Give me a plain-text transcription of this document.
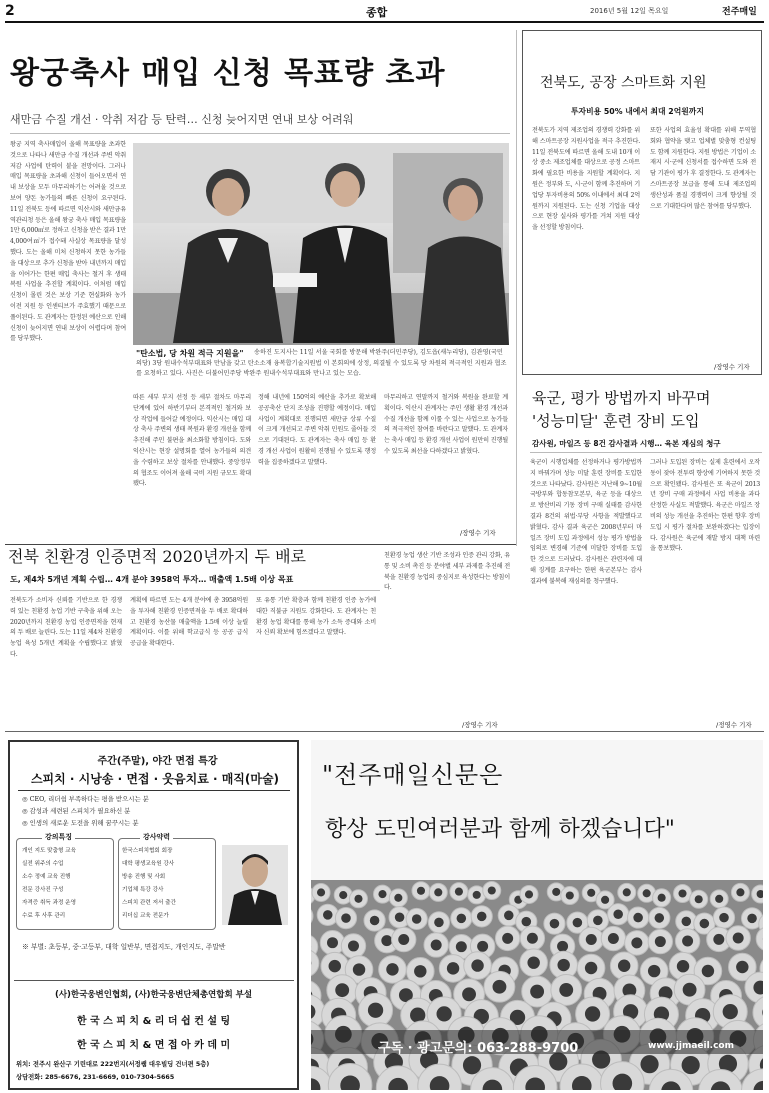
2	종합	2016년 5월 12일 목요일	전주매일
왕궁축사 매입 신청 목표량 초과
새만금 수질 개선 · 악취 저감 등 탄력… 신청 늦어지면 연내 보상 어려워
왕궁 지역 축사매입이 올해 목표량을 초과한 것으로 나타나 새만금 수질 개선과 주변 악취 저감 사업에 탄력이 붙을 전망이다. 그러나 매입 목표량을 초과해 신청이 들어오면서 연내 보상을 모두 마무리하기는 어려울 것으로 보여 양돈 농가들의 빠른 신청이 요구된다. 11일 전북도 등에 따르면 익산시와 새만금유역관리청 등은 올해 왕궁 축사 매입 목표량을 1만 6,000㎡로 정하고 신청을 받은 결과 1만 4,000여㎡가 접수돼 사실상 목표량을 달성했다. 도는 올해 미처 신청하지 못한 농가들을 대상으로 추가 신청을 받아 내년까지 매입을 이어가는 한편 매입 축사는 철거 후 생태 복원 사업을 추진할 계획이다. 이처럼 매입 신청이 몰린 것은 보상 기준 현실화와 농가 이전 지원 등 인센티브가 주효했기 때문으로 풀이된다. 도 관계자는 한정된 예산으로 인해 신청이 늦어지면 연내 보상이 어렵다며 참여를 당부했다.
"탄소법, 당 차원 적극 지원을"	송하진 도지사는 11일 서울 국회를 방문해 박완주(더민주당), 김도읍(새누리당), 김관영(국민의당) 3당 원내수석부대표와 만남을 갖고 탄소소재 융복합기술지원법 이 본회의에 상정, 의결될 수 있도록 당 차원의 적극적인 지원과 협조를 요청하고 있다. 사진은 더불어민주당 박완주 원내수석부대표와 만나고 있는 모습.
따른 세부 부지 선정 등 세부 절차도 마무리 단계에 있어 하반기부터 본격적인 철거와 보상 작업에 들어갈 예정이다. 익산시는 매입 대상 축사 주변의 생태 복원과 환경 개선을 함께 추진해 주민 불편을 최소화할 방침이다. 도와 익산시는 현장 설명회를 열어 농가들의 의견을 수렴하고 보상 절차를 안내했다. 중앙정부의 협조도 이어져 올해 국비 지원 규모도 확대됐다.
정해 내년에 150억의 예산을 추가로 확보해 공공축산 단지 조성을 진행할 예정이다. 매입 사업이 계획대로 진행되면 새만금 상류 수질이 크게 개선되고 주변 악취 민원도 줄어들 것으로 기대된다. 도 관계자는 축사 매입 등 환경 개선 사업이 원활히 진행될 수 있도록 행정력을 집중하겠다고 말했다.
마무리하고 연말까지 철거와 복원을 완료할 계획이다. 익산시 관계자는 주민 생활 환경 개선과 수질 개선을 함께 이룰 수 있는 사업으로 농가들의 적극적인 참여를 바란다고 말했다. 도 관계자는 축사 매입 등 환경 개선 사업이 원만히 진행될 수 있도록 최선을 다하겠다고 밝혔다.
/장영수 기자
전북도, 공장 스마트화 지원
투자비용 50% 내에서 최대 2억원까지
전북도가 지역 제조업의 경쟁력 강화를 위해 스마트공장 지원사업을 적극 추진한다. 11일 전북도에 따르면 올해 도내 10개 이상 중소 제조업체를 대상으로 공정 스마트화에 필요한 비용을 지원할 계획이다. 지원은 정부와 도, 시·군이 함께 추진하며 기업당 투자비용의 50% 이내에서 최대 2억원까지 지원된다. 도는 신청 기업을 대상으로 현장 실사와 평가를 거쳐 지원 대상을 선정할 방침이다.
또한 사업의 효율성 확대를 위해 무역협회와 협약을 맺고 업체별 맞춤형 컨설팅도 함께 지원한다. 지원 방법은 기업이 소재지 시·군에 신청서를 접수하면 도와 전담 기관이 평가 후 결정한다. 도 관계자는 스마트공장 보급을 통해 도내 제조업의 생산성과 품질 경쟁력이 크게 향상될 것으로 기대한다며 많은 참여를 당부했다.
/장영수 기자
육군, 평가 방법까지 바꾸며
'성능미달' 훈련 장비 도입
감사원, 마일즈 등 8건 감사결과 시행… 육본 재심의 청구
육군이 시행업체를 선정하거나 평가방법까지 바꿔가며 성능 미달 훈련 장비를 도입한 것으로 나타났다. 감사원은 지난해 9~10월 국방부와 합동참모본부, 육군 등을 대상으로 방산비리 기동 장비 구매 실태를 감사한 결과 8건의 위법·부당 사항을 적발했다고 밝혔다. 감사 결과 육군은 2008년부터 마일즈 장비 도입 과정에서 성능 평가 방법을 임의로 변경해 기준에 미달한 장비를 도입한 것으로 드러났다. 감사원은 관련자에 대해 징계를 요구하는 한편 육군본부는 감사 결과에 불복해 재심의를 청구했다.
그러나 도입된 장비는 실제 훈련에서 오작동이 잦아 전투력 향상에 기여하지 못한 것으로 확인됐다. 감사원은 또 육군이 2013년 장비 구매 과정에서 사업 비용을 과다 산정한 사실도 적발했다. 육군은 마일즈 장비의 성능 개선을 추진하는 한편 향후 장비 도입 시 평가 절차를 보완하겠다는 입장이다. 감사원은 육군에 재발 방지 대책 마련을 통보했다.
/정영수 기자
전북 친환경 인증면적 2020년까지 두 배로
도, 제4차 5개년 계획 수립… 4개 분야 3958억 투자… 매출액 1.5배 이상 목표
전북도가 소비자 신뢰를 기반으로 한 경쟁력 있는 친환경 농업 기반 구축을 위해 오는 2020년까지 친환경 농업 인증면적을 현재의 두 배로 늘린다. 도는 11일 제4차 친환경농업 육성 5개년 계획을 수립했다고 밝혔다.
계획에 따르면 도는 4개 분야에 총 3958억원을 투자해 친환경 인증면적을 두 배로 확대하고 친환경 농산물 매출액을 1.5배 이상 늘릴 계획이다. 이를 위해 학교급식 등 공공 급식 공급을 확대한다.
또 유통 기반 확충과 함께 친환경 인증 농가에 대한 직불금 지원도 강화한다. 도 관계자는 친환경 농업 확대를 통해 농가 소득 증대와 소비자 신뢰 확보에 힘쓰겠다고 말했다.
친환경 농업 생산 기반 조성과 인증 관리 강화, 유통 및 소비 촉진 등 분야별 세부 과제를 추진해 전북을 친환경 농업의 중심지로 육성한다는 방침이다.
/장영수 기자
주간(주말), 야간 면접 특강
스피치 · 시낭송 · 면접 · 웃음치료 · 매직(마술)
◎ CEO, 리더쉽 부족하다는 평을 받으시는 분
◎ 감성과 세련된 스피치가 필요하신 분
◎ 인생의 새로운 도전을 위해 꿈꾸시는 분
강의특징
개인 지도 맞춤형 교육
실전 위주의 수업
소수 정예 교육 진행
전문 강사진 구성
자격증 취득 과정 운영
수료 후 사후 관리
강사약력
한국스피치협회 회장
대학 평생교육원 강사
방송 진행 및 사회
기업체 특강 강사
스피치 관련 저서 출간
리더십 교육 전문가
※ 부별: 초등부, 중·고등부, 대학 일반부, 면접지도, 개인지도, 주말반
(사)한국웅변인협회, (사)한국웅변단체총연합회 부설
한 국 스 피 치 & 리 더 쉽 컨 설 팅
한 국 스 피 치 & 면 접 아 카 데 미
위치: 전주시 완산구 기린대로 222번지(서정쌤 대우빌딩 건너편 5층)
상담전화: 285-6676, 231-6669, 010-7304-5665
"전주매일신문은
항상 도민여러분과 함께 하겠습니다"
구독 · 광고문의: 063-288-9700	www.jjmaeil.com
